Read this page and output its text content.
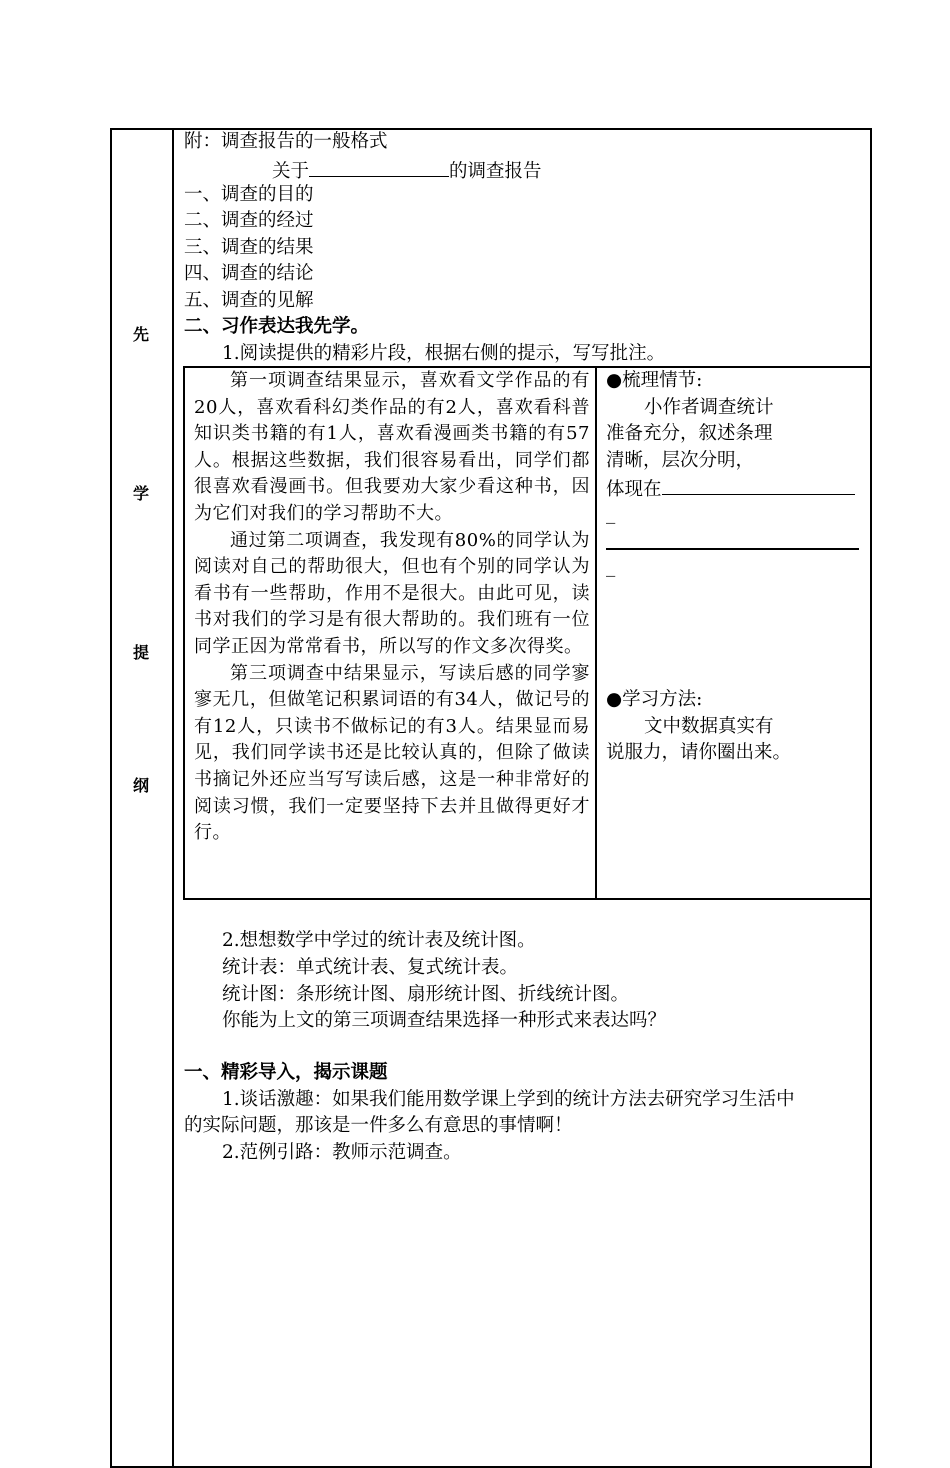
先
学
提
纲
附：调查报告的一般格式
关于	的调查报告
一、调查的目的
二、调查的经过
三、调查的结果
四、调查的结论
五、调查的见解
二、习作表达我先学。
1.阅读提供的精彩片段，根据右侧的提示，写写批注。

第一项调查结果显示，喜欢看文学作品的有20人，喜欢看科幻类作品的有2人，喜欢看科普知识类书籍的有1人，喜欢看漫画类书籍的有57人。根据这些数据，我们很容易看出，同学们都很喜欢看漫画书。但我要劝大家少看这种书，因为它们对我们的学习帮助不大。

通过第二项调查，我发现有80%的同学认为阅读对自己的帮助很大，但也有个别的同学认为看书有一些帮助，作用不是很大。由此可见，读书对我们的学习是有很大帮助的。我们班有一位同学正因为常常看书，所以写的作文多次得奖。

第三项调查中结果显示，写读后感的同学寥寥无几，但做笔记积累词语的有34人，做记号的有12人，只读书不做标记的有3人。结果显而易见，我们同学读书还是比较认真的，但除了做读书摘记外还应当写写读后感，这是一种非常好的阅读习惯，我们一定要坚持下去并且做得更好才行。

●梳理情节:
小作者调查统计
准备充分，叙述条理
清晰，层次分明，
体现在
_
_
●学习方法:
文中数据真实有
说服力，请你圈出来。
2.想想数学中学过的统计表及统计图。
统计表：单式统计表、复式统计表。
统计图：条形统计图、扇形统计图、折线统计图。
你能为上文的第三项调查结果选择一种形式来表达吗？
一、精彩导入，揭示课题
1.谈话激趣：如果我们能用数学课上学到的统计方法去研究学习生活中
的实际问题，那该是一件多么有意思的事情啊！
2.范例引路：教师示范调查。
